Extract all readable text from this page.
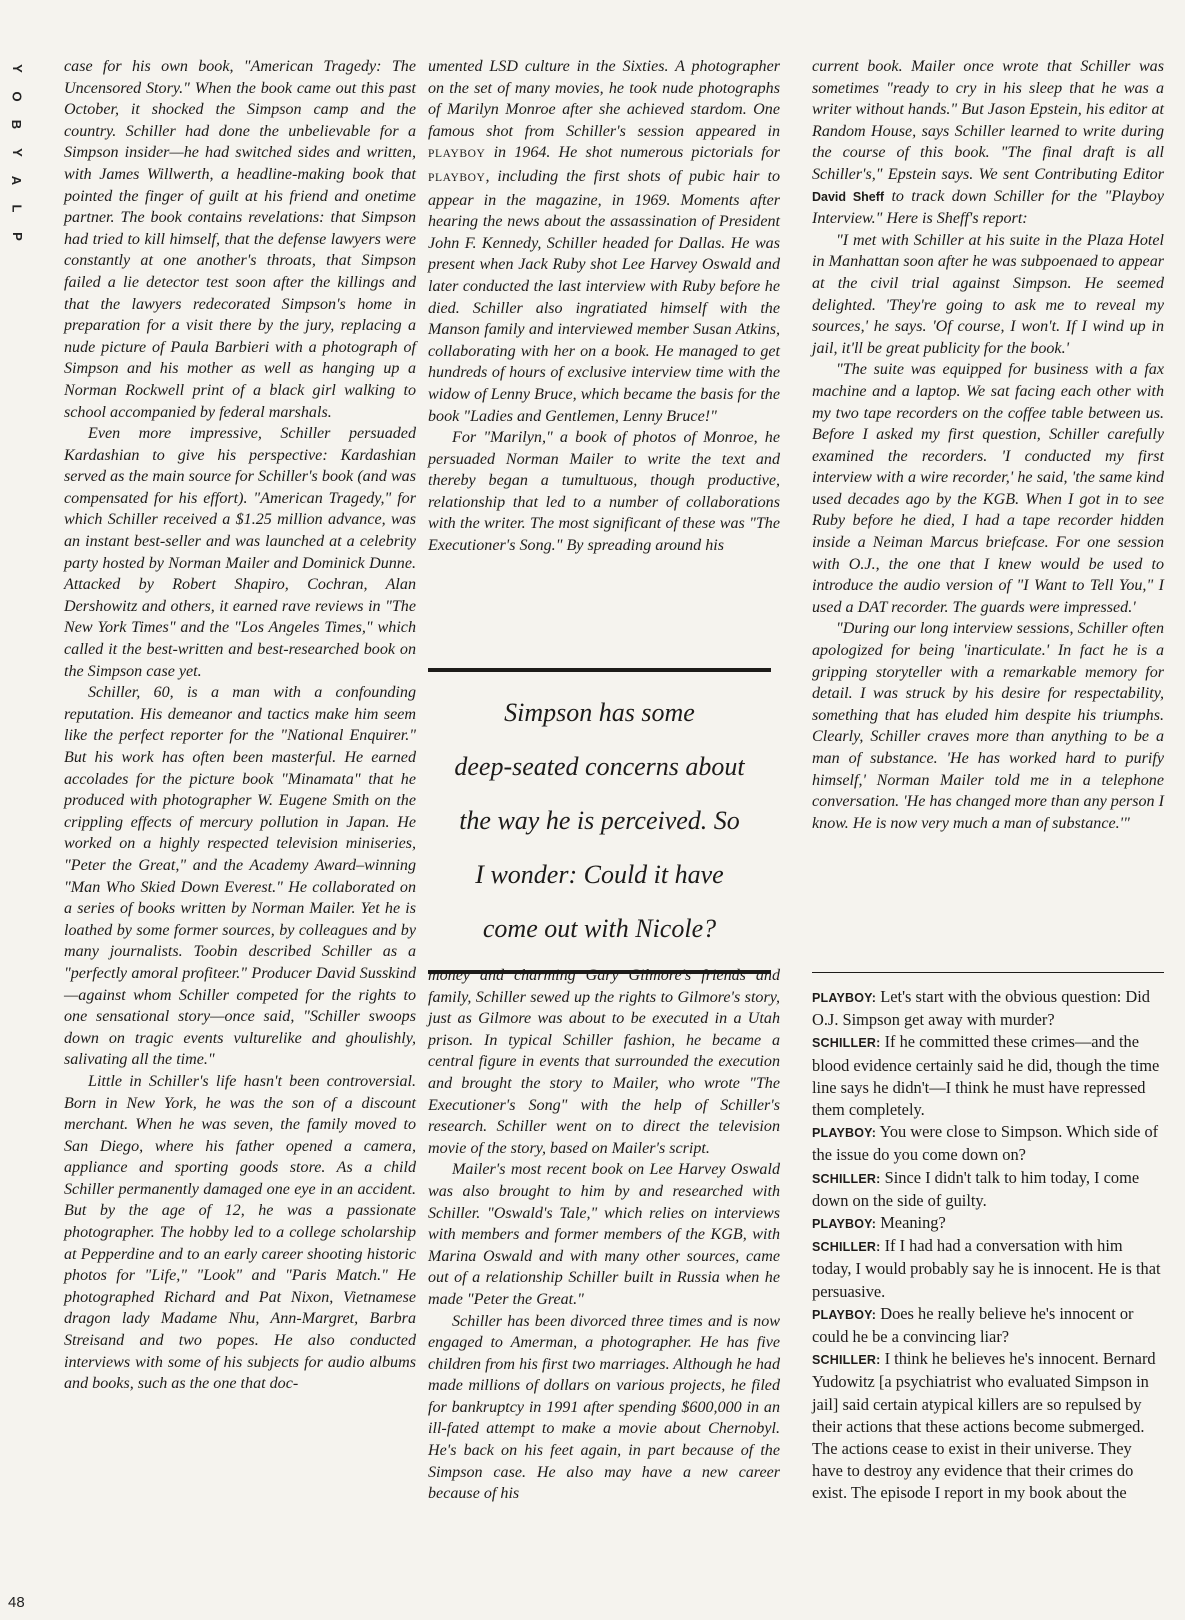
Y
O
B
Y
A
L
P
48

case for his own book, "American Tragedy: The Uncensored Story." When the book came out this past October, it shocked the Simpson camp and the country. Schiller had done the unbelievable for a Simpson insider—he had switched sides and written, with James Willwerth, a headline-making book that pointed the finger of guilt at his friend and onetime partner. The book contains revelations: that Simpson had tried to kill himself, that the defense lawyers were constantly at one another's throats, that Simpson failed a lie detector test soon after the killings and that the lawyers redecorated Simpson's home in preparation for a visit there by the jury, replacing a nude picture of Paula Barbieri with a photograph of Simpson and his mother as well as hanging up a Norman Rockwell print of a black girl walking to school accompanied by federal marshals.

Even more impressive, Schiller persuaded Kardashian to give his perspective: Kardashian served as the main source for Schiller's book (and was compensated for his effort). "American Tragedy," for which Schiller received a $1.25 million advance, was an instant best-seller and was launched at a celebrity party hosted by Norman Mailer and Dominick Dunne. Attacked by Robert Shapiro, Cochran, Alan Dershowitz and others, it earned rave reviews in "The New York Times" and the "Los Angeles Times," which called it the best-written and best-researched book on the Simpson case yet.

Schiller, 60, is a man with a confounding reputation. His demeanor and tactics make him seem like the perfect reporter for the "National Enquirer." But his work has often been masterful. He earned accolades for the picture book "Minamata" that he produced with photographer W. Eugene Smith on the crippling effects of mercury pollution in Japan. He worked on a highly respected television miniseries, "Peter the Great," and the Academy Award–winning "Man Who Skied Down Everest." He collaborated on a series of books written by Norman Mailer. Yet he is loathed by some former sources, by colleagues and by many journalists. Toobin described Schiller as a "perfectly amoral profiteer." Producer David Susskind—against whom Schiller competed for the rights to one sensational story—once said, "Schiller swoops down on tragic events vulturelike and ghoulishly, salivating all the time."

Little in Schiller's life hasn't been controversial. Born in New York, he was the son of a discount merchant. When he was seven, the family moved to San Diego, where his father opened a camera, appliance and sporting goods store. As a child Schiller permanently damaged one eye in an accident. But by the age of 12, he was a passionate photographer. The hobby led to a college scholarship at Pepperdine and to an early career shooting historic photos for "Life," "Look" and "Paris Match." He photographed Richard and Pat Nixon, Vietnamese dragon lady Madame Nhu, Ann-Margret, Barbra Streisand and two popes. He also conducted interviews with some of his subjects for audio albums and books, such as the one that doc-

umented LSD culture in the Sixties. A photographer on the set of many movies, he took nude photographs of Marilyn Monroe after she achieved stardom. One famous shot from Schiller's session appeared in PLAYBOY in 1964. He shot numerous pictorials for PLAYBOY, including the first shots of pubic hair to appear in the magazine, in 1969. Moments after hearing the news about the assassination of President John F. Kennedy, Schiller headed for Dallas. He was present when Jack Ruby shot Lee Harvey Oswald and later conducted the last interview with Ruby before he died. Schiller also ingratiated himself with the Manson family and interviewed member Susan Atkins, collaborating with her on a book. He managed to get hundreds of hours of exclusive interview time with the widow of Lenny Bruce, which became the basis for the book "Ladies and Gentlemen, Lenny Bruce!"

For "Marilyn," a book of photos of Monroe, he persuaded Norman Mailer to write the text and thereby began a tumultuous, though productive, relationship that led to a number of collaborations with the writer. The most significant of these was "The Executioner's Song." By spreading around his

Simpson has some
deep-seated concerns about
the way he is perceived. So
I wonder: Could it have
come out with Nicole?

money and charming Gary Gilmore's friends and family, Schiller sewed up the rights to Gilmore's story, just as Gilmore was about to be executed in a Utah prison. In typical Schiller fashion, he became a central figure in events that surrounded the execution and brought the story to Mailer, who wrote "The Executioner's Song" with the help of Schiller's research. Schiller went on to direct the television movie of the story, based on Mailer's script.

Mailer's most recent book on Lee Harvey Oswald was also brought to him by and researched with Schiller. "Oswald's Tale," which relies on interviews with members and former members of the KGB, with Marina Oswald and with many other sources, came out of a relationship Schiller built in Russia when he made "Peter the Great."

Schiller has been divorced three times and is now engaged to Amerman, a photographer. He has five children from his first two marriages. Although he had made millions of dollars on various projects, he filed for bankruptcy in 1991 after spending $600,000 in an ill-fated attempt to make a movie about Chernobyl. He's back on his feet again, in part because of the Simpson case. He also may have a new career because of his

current book. Mailer once wrote that Schiller was sometimes "ready to cry in his sleep that he was a writer without hands." But Jason Epstein, his editor at Random House, says Schiller learned to write during the course of this book. "The final draft is all Schiller's," Epstein says. We sent Contributing Editor David Sheff to track down Schiller for the "Playboy Interview." Here is Sheff's report:

"I met with Schiller at his suite in the Plaza Hotel in Manhattan soon after he was subpoenaed to appear at the civil trial against Simpson. He seemed delighted. 'They're going to ask me to reveal my sources,' he says. 'Of course, I won't. If I wind up in jail, it'll be great publicity for the book.'

"The suite was equipped for business with a fax machine and a laptop. We sat facing each other with my two tape recorders on the coffee table between us. Before I asked my first question, Schiller carefully examined the recorders. 'I conducted my first interview with a wire recorder,' he said, 'the same kind used decades ago by the KGB. When I got in to see Ruby before he died, I had a tape recorder hidden inside a Neiman Marcus briefcase. For one session with O.J., the one that I knew would be used to introduce the audio version of "I Want to Tell You," I used a DAT recorder. The guards were impressed.'

"During our long interview sessions, Schiller often apologized for being 'inarticulate.' In fact he is a gripping storyteller with a remarkable memory for detail. I was struck by his desire for respectability, something that has eluded him despite his triumphs. Clearly, Schiller craves more than anything to be a man of substance. 'He has worked hard to purify himself,' Norman Mailer told me in a telephone conversation. 'He has changed more than any person I know. He is now very much a man of substance.'"

PLAYBOY: Let's start with the obvious question: Did O.J. Simpson get away with murder?

SCHILLER: If he committed these crimes—and the blood evidence certainly said he did, though the time line says he didn't—I think he must have repressed them completely.

PLAYBOY: You were close to Simpson. Which side of the issue do you come down on?

SCHILLER: Since I didn't talk to him today, I come down on the side of guilty.

PLAYBOY: Meaning?

SCHILLER: If I had had a conversation with him today, I would probably say he is innocent. He is that persuasive.

PLAYBOY: Does he really believe he's innocent or could he be a convincing liar?

SCHILLER: I think he believes he's innocent. Bernard Yudowitz [a psychiatrist who evaluated Simpson in jail] said certain atypical killers are so repulsed by their actions that these actions become submerged. The actions cease to exist in their universe. They have to destroy any evidence that their crimes do exist. The episode I report in my book about the
